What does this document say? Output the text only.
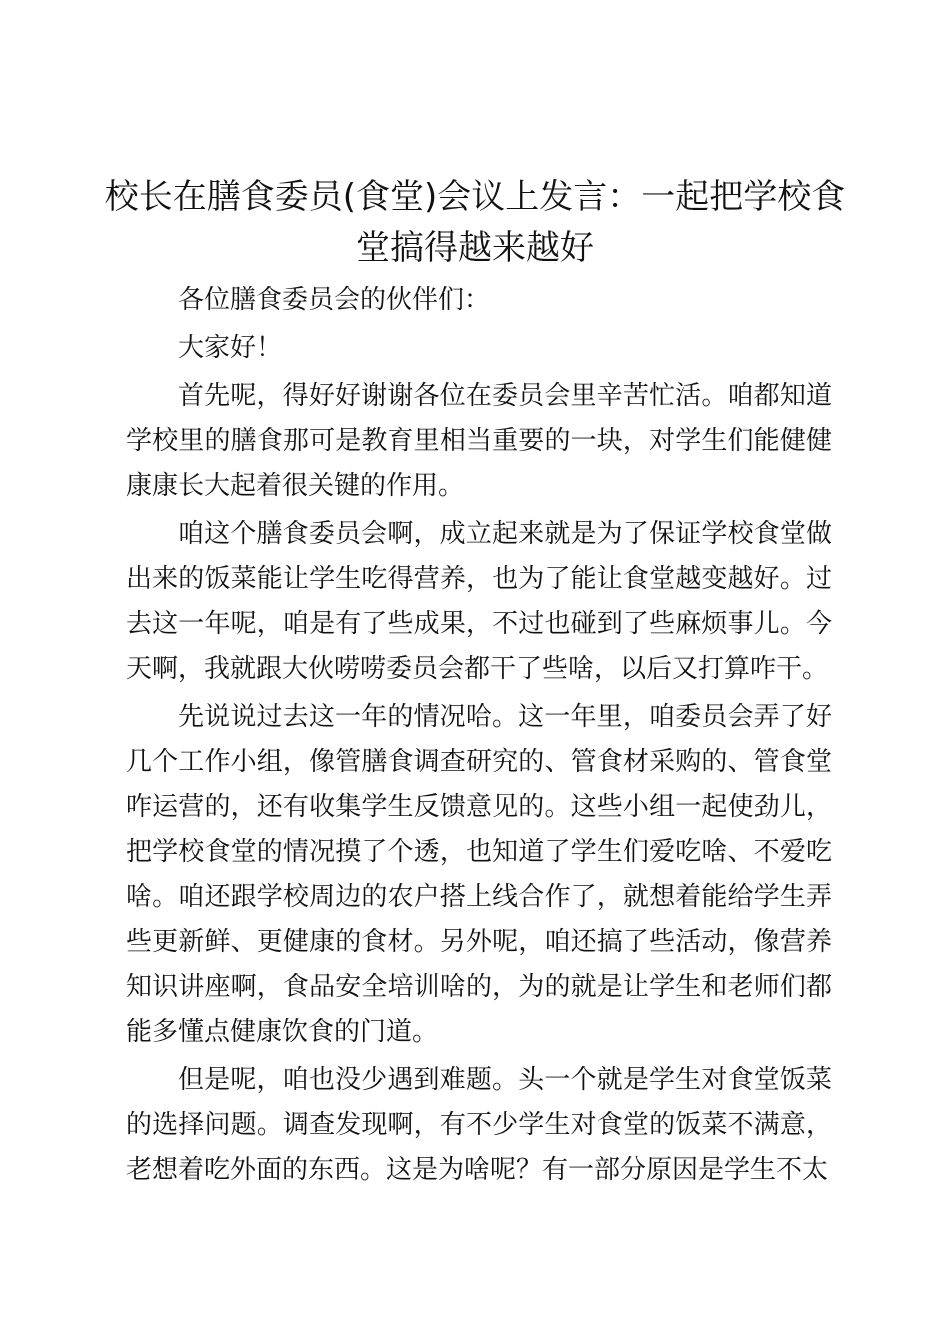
校长在膳食委员(食堂)会议上发言：一起把学校食堂搞得越来越好

各位膳食委员会的伙伴们：

大家好！

首先呢，得好好谢谢各位在委员会里辛苦忙活。咱都知道学校里的膳食那可是教育里相当重要的一块，对学生们能健健康康长大起着很关键的作用。

咱这个膳食委员会啊，成立起来就是为了保证学校食堂做出来的饭菜能让学生吃得营养，也为了能让食堂越变越好。过去这一年呢，咱是有了些成果，不过也碰到了些麻烦事儿。今天啊，我就跟大伙唠唠委员会都干了些啥，以后又打算咋干。

先说说过去这一年的情况哈。这一年里，咱委员会弄了好几个工作小组，像管膳食调查研究的、管食材采购的、管食堂咋运营的，还有收集学生反馈意见的。这些小组一起使劲儿，把学校食堂的情况摸了个透，也知道了学生们爱吃啥、不爱吃啥。咱还跟学校周边的农户搭上线合作了，就想着能给学生弄些更新鲜、更健康的食材。另外呢，咱还搞了些活动，像营养知识讲座啊，食品安全培训啥的，为的就是让学生和老师们都能多懂点健康饮食的门道。

但是呢，咱也没少遇到难题。头一个就是学生对食堂饭菜的选择问题。调查发现啊，有不少学生对食堂的饭菜不满意，老想着吃外面的东西。这是为啥呢？有一部分原因是学生不太
